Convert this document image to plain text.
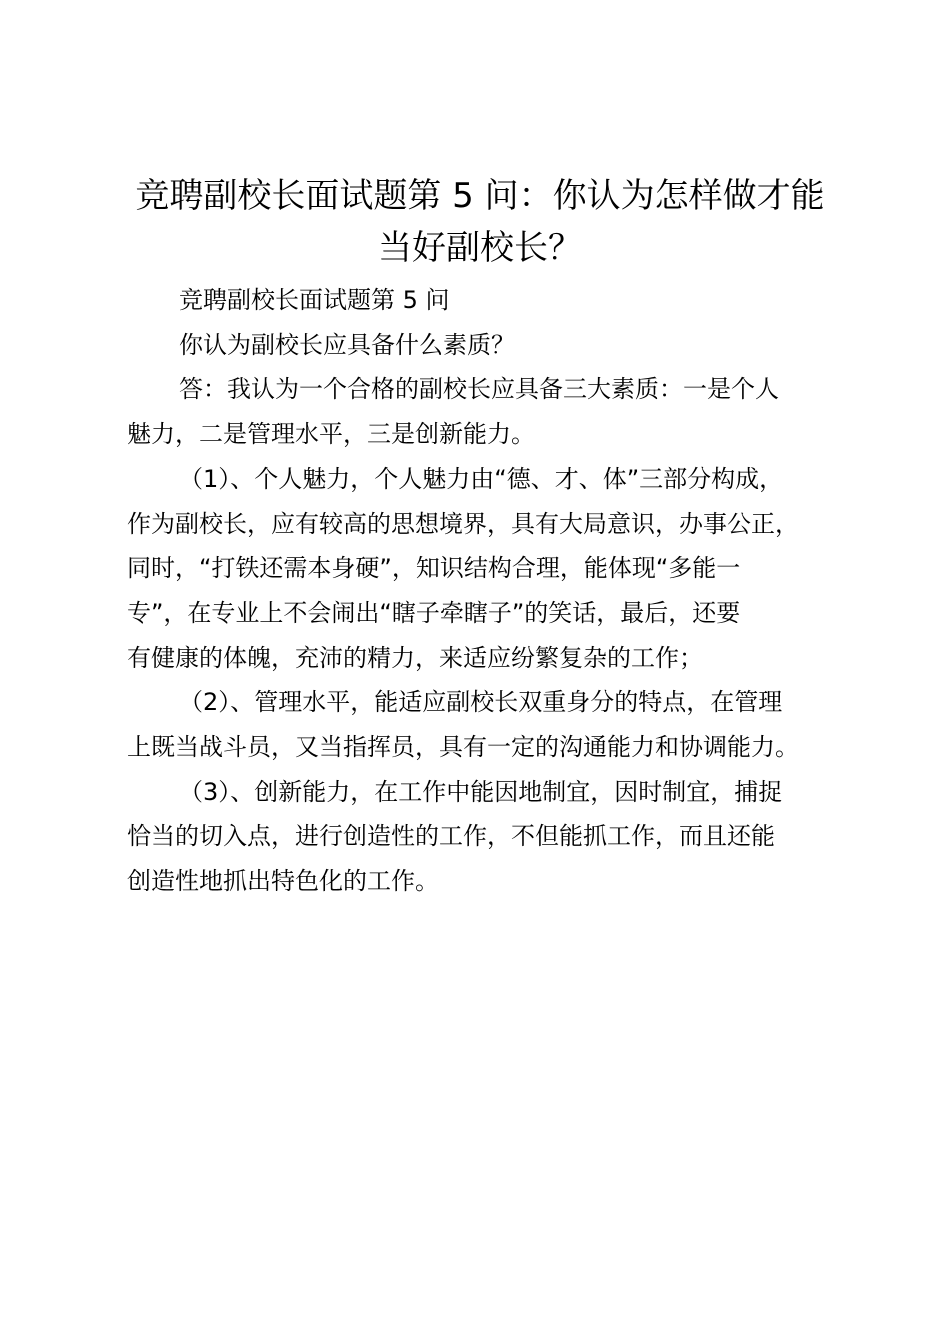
竞聘副校长面试题第 5 问：你认为怎样做才能
当好副校长？
竞聘副校长面试题第 5 问
你认为副校长应具备什么素质？
答：我认为一个合格的副校长应具备三大素质：一是个人
魅力，二是管理水平，三是创新能力。
（1）、个人魅力，个人魅力由“德、才、体”三部分构成，
作为副校长，应有较高的思想境界，具有大局意识，办事公正，
同时，“打铁还需本身硬”，知识结构合理，能体现“多能一
专”，在专业上不会闹出“瞎子牵瞎子”的笑话，最后，还要
有健康的体魄，充沛的精力，来适应纷繁复杂的工作；
（2）、管理水平，能适应副校长双重身分的特点，在管理
上既当战斗员，又当指挥员，具有一定的沟通能力和协调能力。
（3）、创新能力，在工作中能因地制宜，因时制宜，捕捉
恰当的切入点，进行创造性的工作，不但能抓工作，而且还能
创造性地抓出特色化的工作。
